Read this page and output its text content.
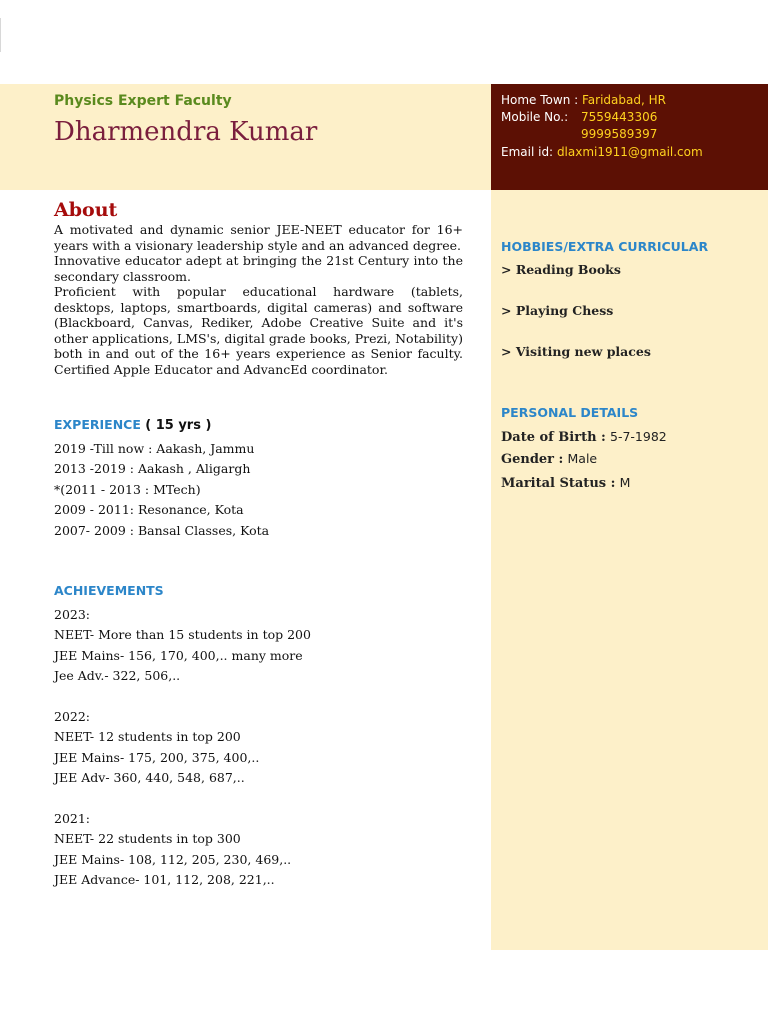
Physics Expert Faculty
Dharmendra Kumar
Home Town : Faridabad, HR
Mobile No.: 7559443306
9999589397
Email id: dlaxmi1911@gmail.com
About

A motivated and dynamic senior JEE-NEET educator for 16+ years with a visionary leadership style and an advanced degree.

Innovative educator adept at bringing the 21st Century into the secondary classroom.

Proficient with popular educational hardware (tablets, desktops, laptops, smartboards, digital cameras) and software (Blackboard, Canvas, Rediker, Adobe Creative Suite and it's other applications, LMS's, digital grade books, Prezi, Notability) both in and out of the 16+ years experience as Senior faculty. Certified Apple Educator and AdvancEd coordinator.

EXPERIENCE ( 15 yrs )
2019 -Till now : Aakash, Jammu
2013 -2019 : Aakash , Aligargh
*(2011 - 2013 : MTech)
2009 - 2011: Resonance, Kota
2007- 2009 : Bansal Classes, Kota
ACHIEVEMENTS
2023:
NEET- More than 15 students in top 200
JEE Mains- 156, 170, 400,.. many more
Jee Adv.- 322, 506,..
2022:
NEET- 12 students in top 200
JEE Mains- 175, 200, 375, 400,..
JEE Adv- 360, 440, 548, 687,..
2021:
NEET- 22 students in top 300
JEE Mains- 108, 112, 205, 230, 469,..
JEE Advance- 101, 112, 208, 221,..
HOBBIES/EXTRA CURRICULAR
> Reading Books
> Playing Chess
> Visiting new places
PERSONAL DETAILS
Date of Birth : 5-7-1982
Gender : Male
Marital Status : M
